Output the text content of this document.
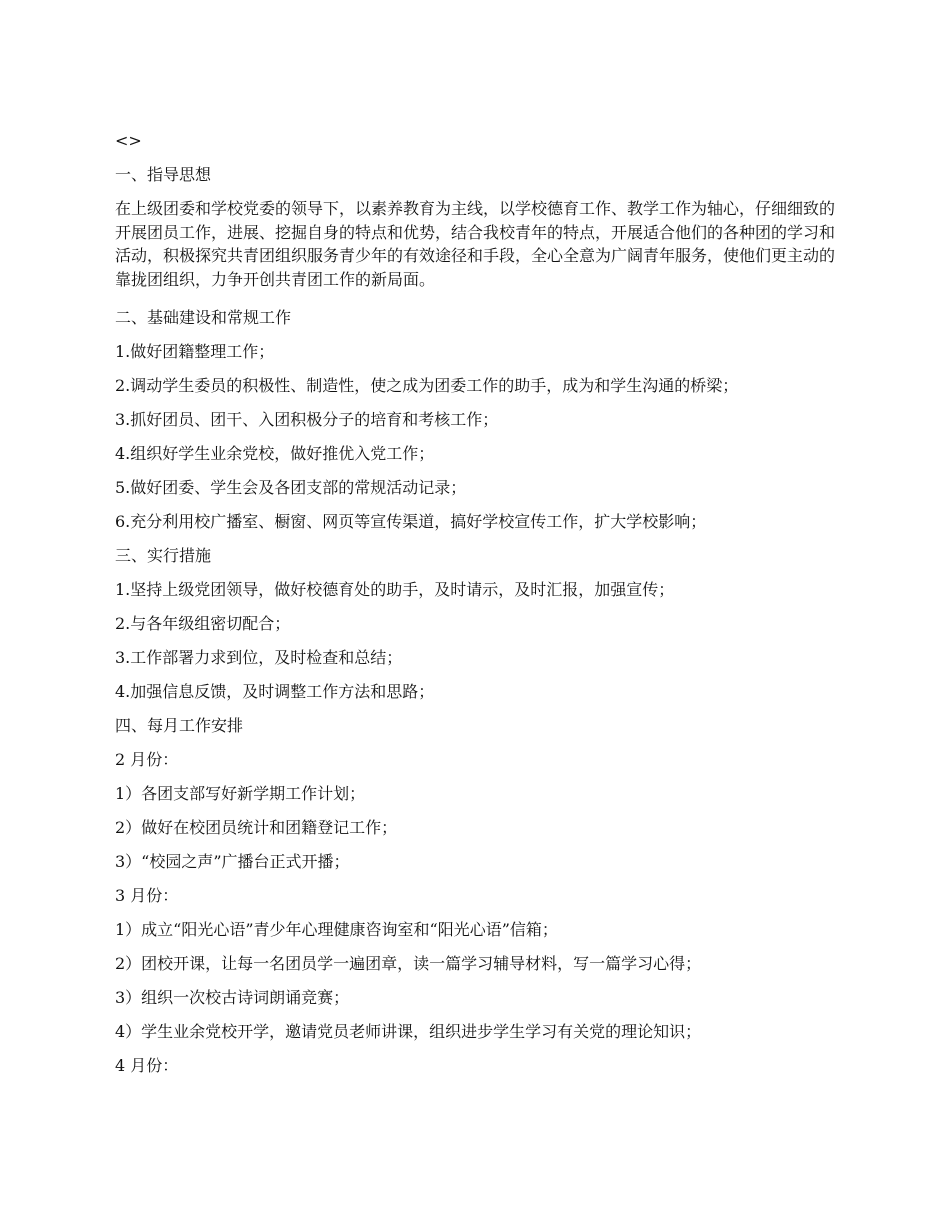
<>
一、指导思想
在上级团委和学校党委的领导下，以素养教育为主线，以学校德育工作、教学工作为轴心，仔细细致的开展团员工作，进展、挖掘自身的特点和优势，结合我校青年的特点，开展适合他们的各种团的学习和活动，积极探究共青团组织服务青少年的有效途径和手段，全心全意为广阔青年服务，使他们更主动的靠拢团组织，力争开创共青团工作的新局面。
二、基础建设和常规工作
1.做好团籍整理工作；
2.调动学生委员的积极性、制造性，使之成为团委工作的助手，成为和学生沟通的桥梁；
3.抓好团员、团干、入团积极分子的培育和考核工作；
4.组织好学生业余党校，做好推优入党工作；
5.做好团委、学生会及各团支部的常规活动记录；
6.充分利用校广播室、橱窗、网页等宣传渠道，搞好学校宣传工作，扩大学校影响；
三、实行措施
1.坚持上级党团领导，做好校德育处的助手，及时请示，及时汇报，加强宣传；
2.与各年级组密切配合；
3.工作部署力求到位，及时检查和总结；
4.加强信息反馈，及时调整工作方法和思路；
四、每月工作安排
2 月份：
1）各团支部写好新学期工作计划；
2）做好在校团员统计和团籍登记工作；
3）“校园之声”广播台正式开播；
3 月份：
1）成立“阳光心语”青少年心理健康咨询室和“阳光心语”信箱；
2）团校开课，让每一名团员学一遍团章，读一篇学习辅导材料，写一篇学习心得；
3）组织一次校古诗词朗诵竞赛；
4）学生业余党校开学，邀请党员老师讲课，组织进步学生学习有关党的理论知识；
4 月份：
